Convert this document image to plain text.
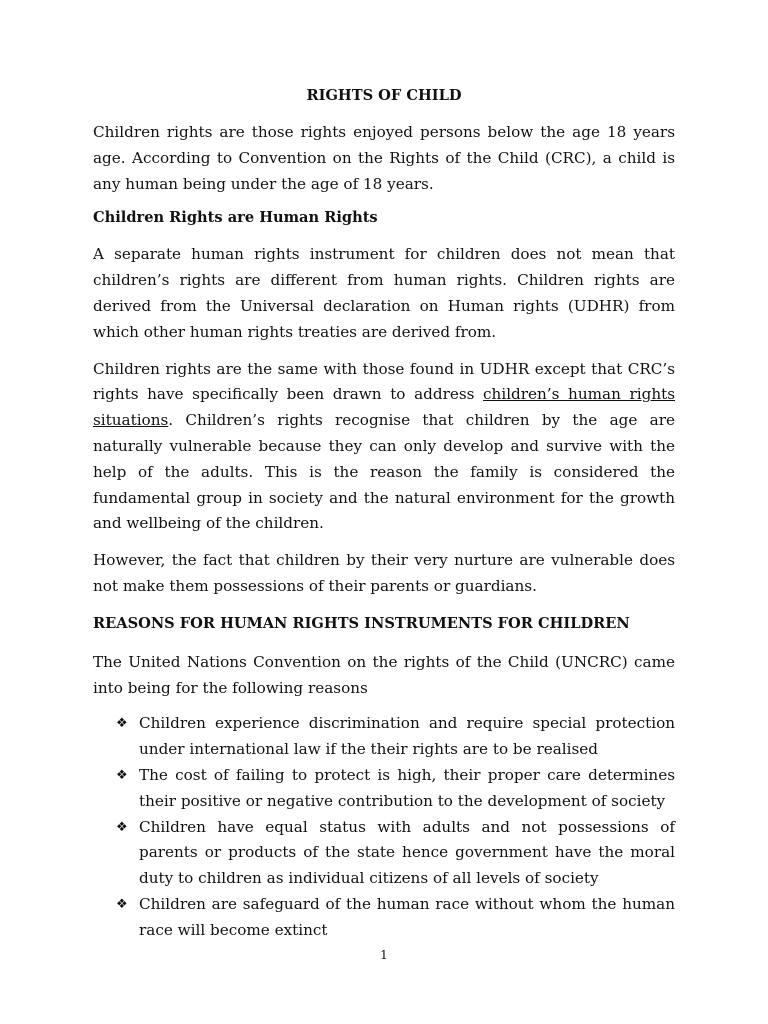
RIGHTS OF CHILD

Children rights are those rights enjoyed persons below the age 18 years age. According to Convention on the Rights of the Child (CRC), a child is any human being under the age of 18 years.

Children Rights are Human Rights

A separate human rights instrument for children does not mean that children’s rights are different from human rights. Children rights are derived from the Universal declaration on Human rights (UDHR) from which other human rights treaties are derived from.

Children rights are the same with those found in UDHR except that CRC’s rights have specifically been drawn to address children’s human rights situations. Children’s rights recognise that children by the age are naturally vulnerable because they can only develop and survive with the help of the adults. This is the reason the family is considered the fundamental group in society and the natural environment for the growth and wellbeing of the children.

However, the fact that children by their very nurture are vulnerable does not make them possessions of their parents or guardians.

REASONS FOR HUMAN RIGHTS INSTRUMENTS FOR CHILDREN

The United Nations Convention on the rights of the Child (UNCRC) came into being for the following reasons

❖ Children experience discrimination and require special protection under international law if the their rights are to be realised

❖ The cost of failing to protect is high, their proper care determines their positive or negative contribution to the development of society

❖ Children have equal status with adults and not possessions of parents or products of the state hence government have the moral duty to children as individual citizens of all levels of society

❖ Children are safeguard of the human race without whom the human race will become extinct

1
